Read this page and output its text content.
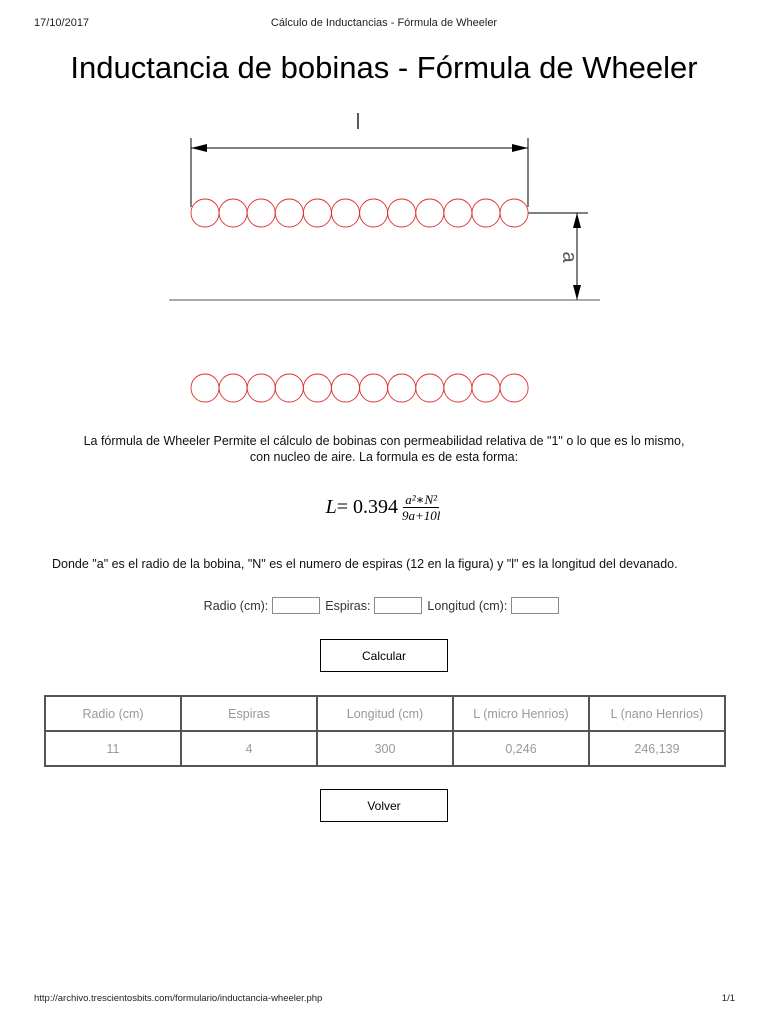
17/10/2017	Cálculo de Inductancias - Fórmula de Wheeler
Inductancia de bobinas - Fórmula de Wheeler
l
a
La fórmula de Wheeler Permite el cálculo de bobinas con permeabilidad relativa de "1" o lo que es lo mismo,
con nucleo de aire. La formula es de esta forma:
$L = 0.394 \frac{\text{a²∗N²}}{9a+10l}$
Donde "a" es el radio de la bobina, "N" es el numero de espiras (12 en la figura) y "l" es la longitud del devanado.
Radio (cm):	Espiras:	Longitud (cm):
Calcular
Radio (cm)	Espiras	Longitud (cm)	L (micro Henrios)	L (nano Henrios)
11	4	300	0,246	246,139
Volver
http://archivo.trescientosbits.com/formulario/inductancia-wheeler.php	1/1
